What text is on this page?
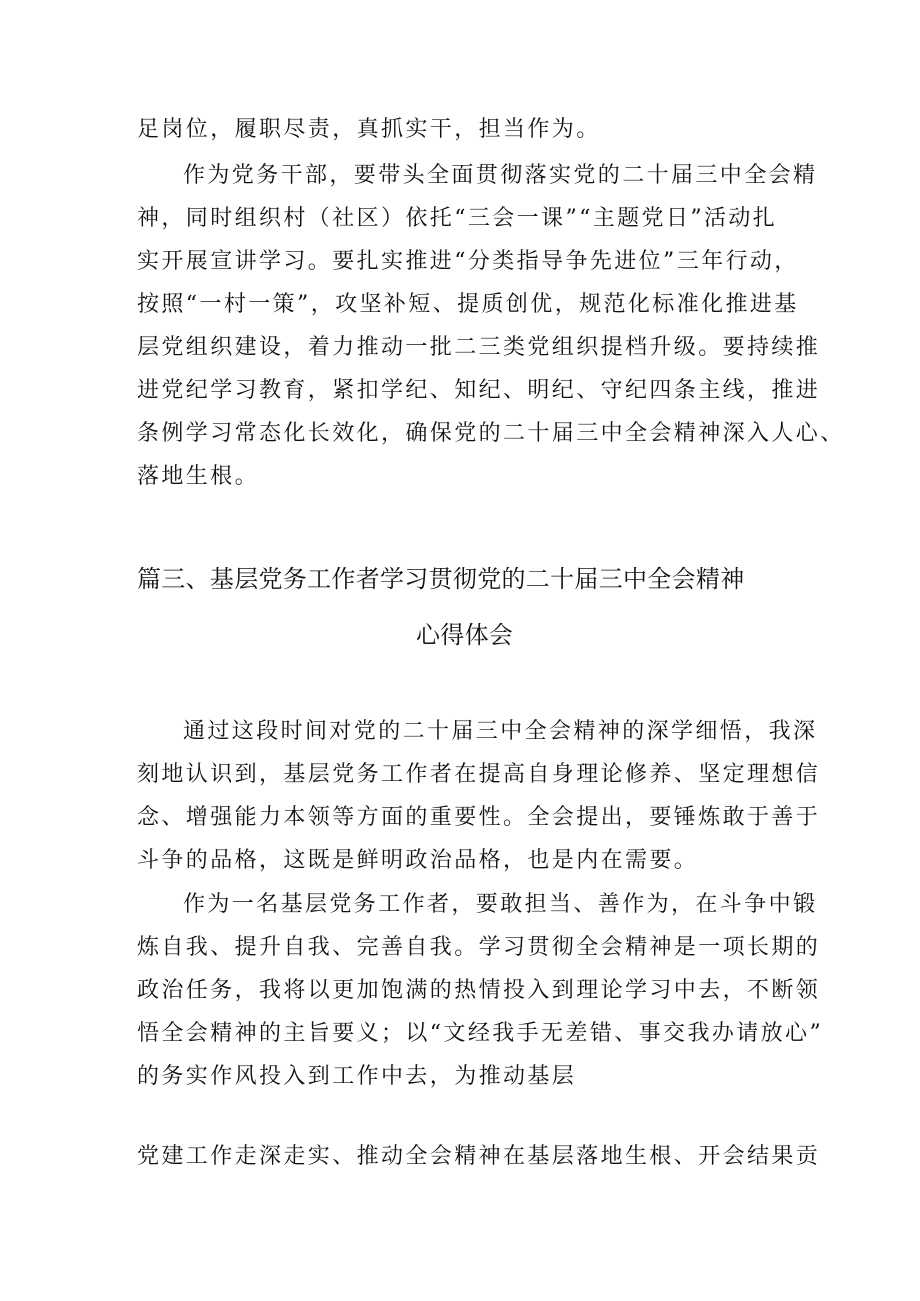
足岗位，履职尽责，真抓实干，担当作为。
作为党务干部，要带头全面贯彻落实党的二十届三中全会精
神，同时组织村（社区）依托“三会一课”“主题党日”活动扎
实开展宣讲学习。要扎实推进“分类指导争先进位”三年行动，
按照“一村一策”，攻坚补短、提质创优，规范化标准化推进基
层党组织建设，着力推动一批二三类党组织提档升级。要持续推
进党纪学习教育，紧扣学纪、知纪、明纪、守纪四条主线，推进
条例学习常态化长效化，确保党的二十届三中全会精神深入人心、
落地生根。
篇三、基层党务工作者学习贯彻党的二十届三中全会精神
心得体会
通过这段时间对党的二十届三中全会精神的深学细悟，我深
刻地认识到，基层党务工作者在提高自身理论修养、坚定理想信
念、增强能力本领等方面的重要性。全会提出，要锤炼敢于善于
斗争的品格，这既是鲜明政治品格，也是内在需要。
作为一名基层党务工作者，要敢担当、善作为，在斗争中锻
炼自我、提升自我、完善自我。学习贯彻全会精神是一项长期的
政治任务，我将以更加饱满的热情投入到理论学习中去，不断领
悟全会精神的主旨要义；以“文经我手无差错、事交我办请放心”
的务实作风投入到工作中去，为推动基层
党建工作走深走实、推动全会精神在基层落地生根、开会结果贡
